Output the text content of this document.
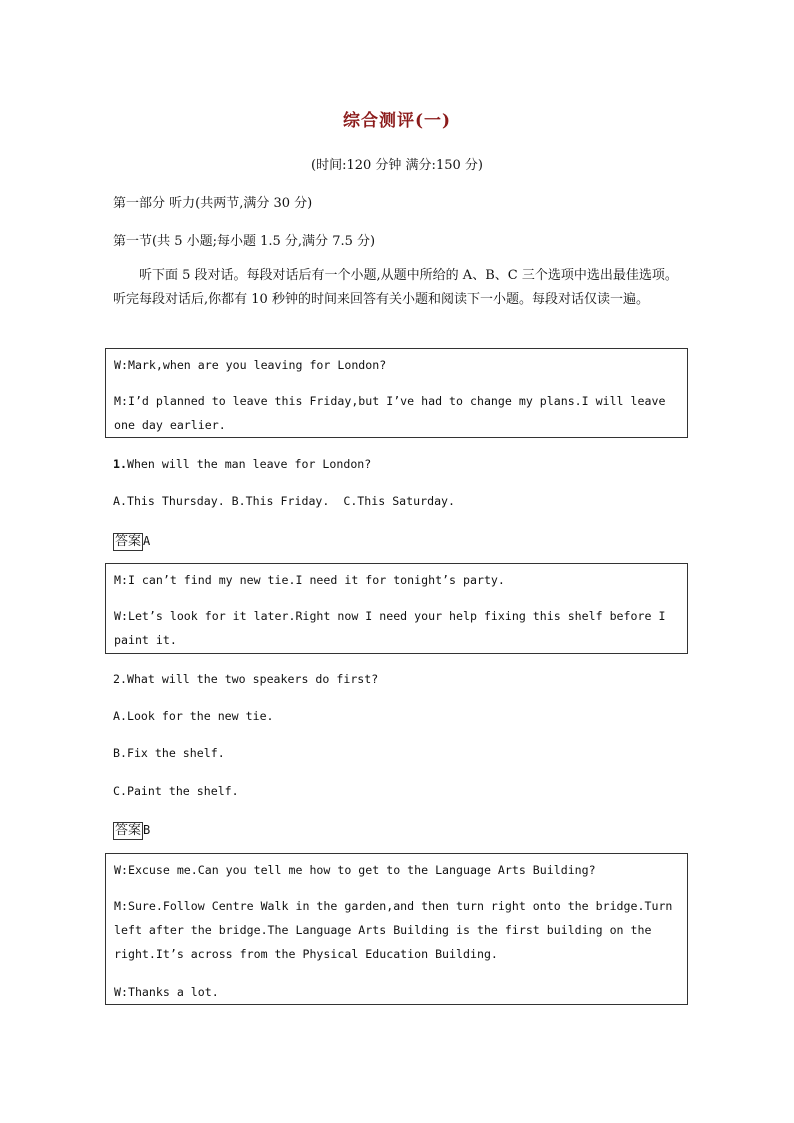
综合测评(一)
(时间:120 分钟 满分:150 分)
第一部分 听力(共两节,满分 30 分)
第一节(共 5 小题;每小题 1.5 分,满分 7.5 分)
听下面 5 段对话。每段对话后有一个小题,从题中所给的 A、B、C 三个选项中选出最佳选项。听完每段对话后,你都有 10 秒钟的时间来回答有关小题和阅读下一小题。每段对话仅读一遍。

W:Mark,when are you leaving for London?

M:I’d planned to leave this Friday,but I’ve had to change my plans.I will leave one day earlier.

1.When will the man leave for London?
A.This Thursday. B.This Friday.  C.This Saturday.
答案 A

M:I can’t find my new tie.I need it for tonight’s party.

W:Let’s look for it later.Right now I need your help fixing this shelf before I paint it.

2.What will the two speakers do first?
A.Look for the new tie.
B.Fix the shelf.
C.Paint the shelf.
答案 B

W:Excuse me.Can you tell me how to get to the Language Arts Building?

M:Sure.Follow Centre Walk in the garden,and then turn right onto the bridge.Turn left after the bridge.The Language Arts Building is the first building on the right.It’s across from the Physical Education Building.

W:Thanks a lot.
